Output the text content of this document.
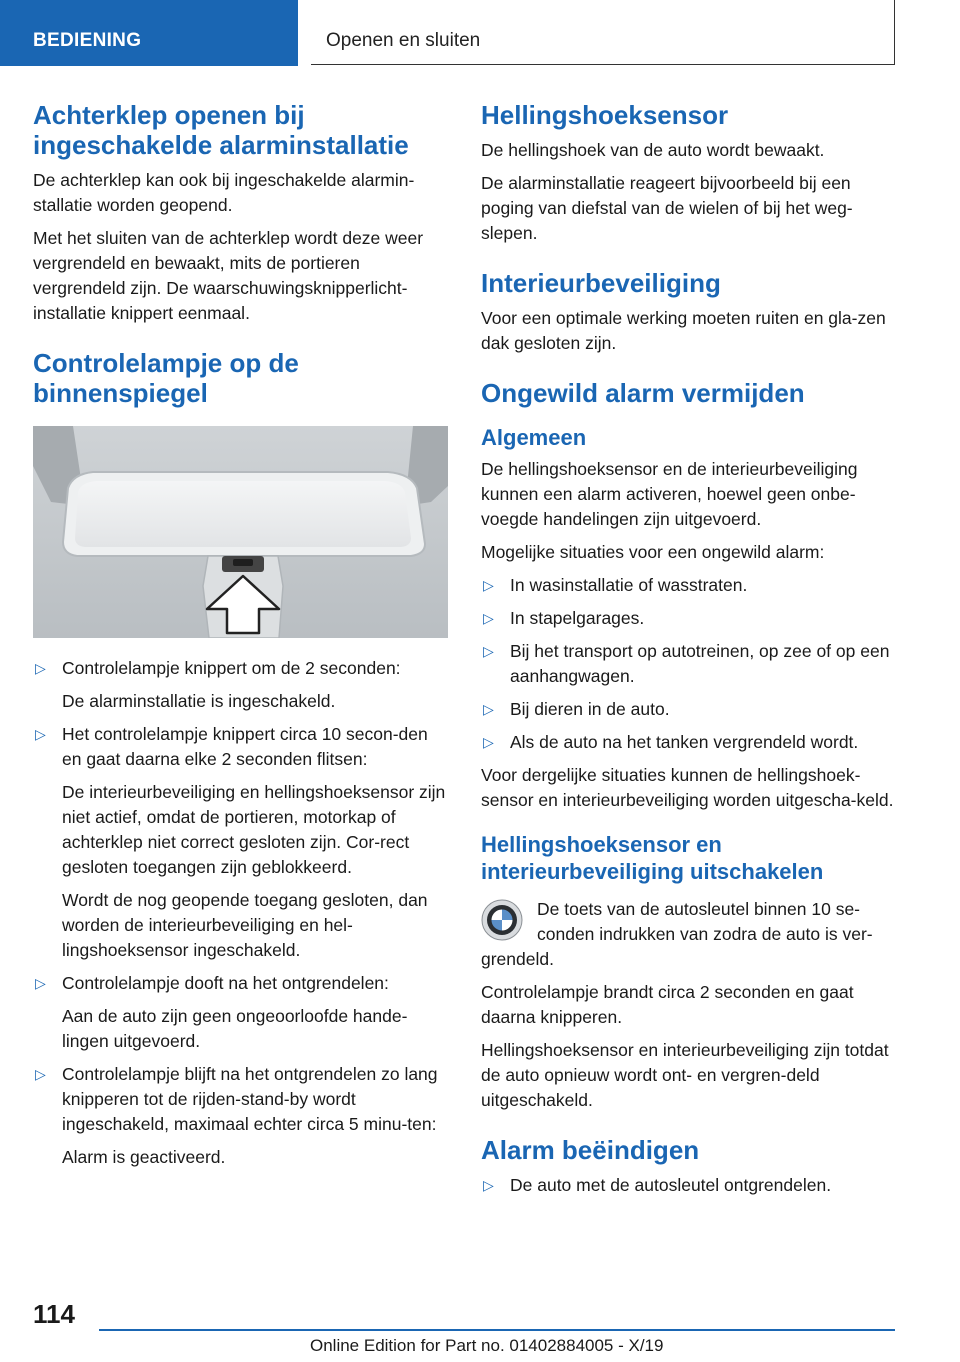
BEDIENING	Openen en sluiten
Achterklep openen bij
ingeschakelde alarminstallatie

De achterklep kan ook bij ingeschakelde alarmin-stallatie worden geopend.

Met het sluiten van de achterklep wordt deze weer vergrendeld en bewaakt, mits de portieren vergrendeld zijn. De waarschuwingsknipperlicht-installatie knippert eenmaal.

Controlelampje op de
binnenspiegel
▷ Controlelampje knippert om de 2 seconden:

De alarminstallatie is ingeschakeld.

▷ Het controlelampje knippert circa 10 secon-den en gaat daarna elke 2 seconden flitsen:

De interieurbeveiliging en hellingshoeksensor zijn niet actief, omdat de portieren, motorkap of achterklep niet correct gesloten zijn. Cor-rect gesloten toegangen zijn geblokkeerd.

Wordt de nog geopende toegang gesloten, dan worden de interieurbeveiliging en hel-lingshoeksensor ingeschakeld.

▷ Controlelampje dooft na het ontgrendelen:

Aan de auto zijn geen ongeoorloofde hande-lingen uitgevoerd.

▷ Controlelampje blijft na het ontgrendelen zo lang knipperen tot de rijden-stand-by wordt ingeschakeld, maximaal echter circa 5 minu-ten:

Alarm is geactiveerd.

Hellingshoeksensor

De hellingshoek van de auto wordt bewaakt.

De alarminstallatie reageert bijvoorbeeld bij een poging van diefstal van de wielen of bij het weg-slepen.

Interieurbeveiliging

Voor een optimale werking moeten ruiten en gla-zen dak gesloten zijn.

Ongewild alarm vermijden
Algemeen

De hellingshoeksensor en de interieurbeveiliging kunnen een alarm activeren, hoewel geen onbe-voegde handelingen zijn uitgevoerd.

Mogelijke situaties voor een ongewild alarm:

▷ In wasinstallatie of wasstraten.
▷ In stapelgarages.
▷ Bij het transport op autotreinen, op zee of op een aanhangwagen.
▷ Bij dieren in de auto.
▷ Als de auto na het tanken vergrendeld wordt.

Voor dergelijke situaties kunnen de hellingshoek-sensor en interieurbeveiliging worden uitgescha-keld.

Hellingshoeksensor en
interieurbeveiliging uitschakelen

De toets van de autosleutel binnen 10 se-conden indrukken van zodra de auto is ver-

grendeld.

Controlelampje brandt circa 2 seconden en gaat daarna knipperen.

Hellingshoeksensor en interieurbeveiliging zijn totdat de auto opnieuw wordt ont- en vergren-deld uitgeschakeld.

Alarm beëindigen
▷ De auto met de autosleutel ontgrendelen.
114
Online Edition for Part no. 01402884005 - X/19
